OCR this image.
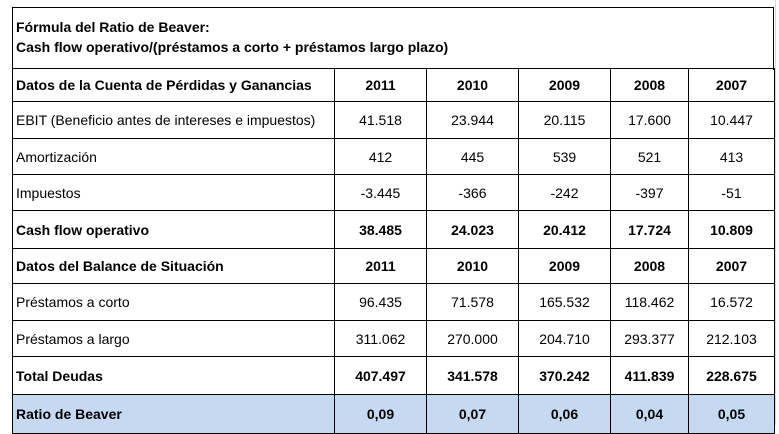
Fórmula del Ratio de Beaver:
Cash flow operativo/(préstamos a corto + préstamos largo plazo)
Datos de la Cuenta de Pérdidas y Ganancias	2011	2010	2009	2008	2007
EBIT (Beneficio antes de intereses e impuestos)	41.518	23.944	20.115	17.600	10.447
Amortización	412	445	539	521	413
Impuestos	-3.445	-366	-242	-397	-51
Cash flow operativo	38.485	24.023	20.412	17.724	10.809
Datos del Balance de Situación	2011	2010	2009	2008	2007
Préstamos a corto	96.435	71.578	165.532	118.462	16.572
Préstamos a largo	311.062	270.000	204.710	293.377	212.103
Total Deudas	407.497	341.578	370.242	411.839	228.675
Ratio de Beaver	0,09	0,07	0,06	0,04	0,05
